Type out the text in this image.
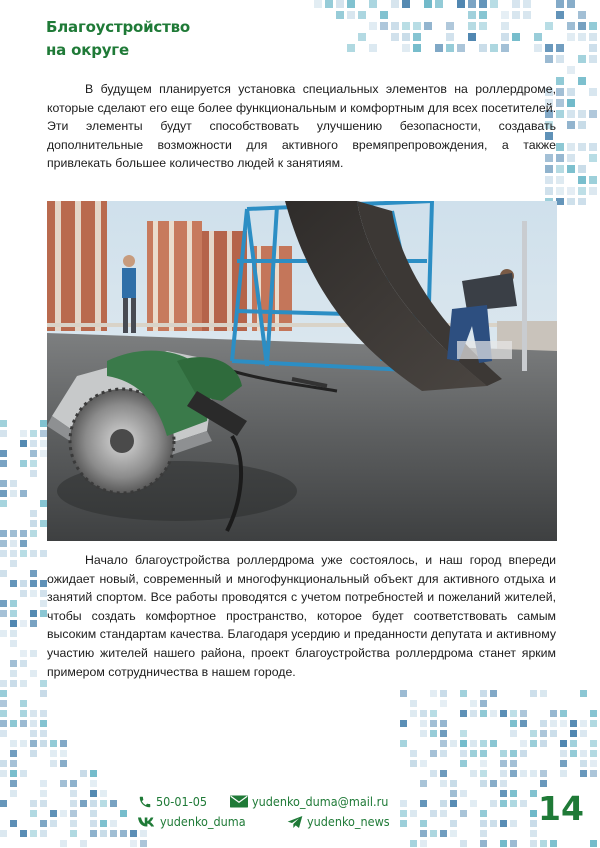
Благоустройство
на округе

В будущем планируется установка специальных элементов на роллердроме, которые сделают его еще более функциональным и комфортным для всех посетителей. Эти элементы будут способствовать улучшению безопасности, создавать дополнительные возможности для активного времяпрепровождения, а также привлекать большее количество людей к занятиям.

Начало благоустройства роллердрома уже состоялось, и наш город впереди ожидает новый, современный и многофункциональный объект для активного отдыха и занятий спортом. Все работы проводятся с учетом потребностей и пожеланий жителей, чтобы создать комфортное пространство, которое будет соответствовать самым высоким стандартам качества. Благодаря усердию и преданности депутата и активному участию жителей нашего района, проект благоустройства роллердрома станет ярким примером сотрудничества в нашем городе.

50-01-05	yudenko_duma@mail.ru
yudenko_duma	yudenko_news	14
